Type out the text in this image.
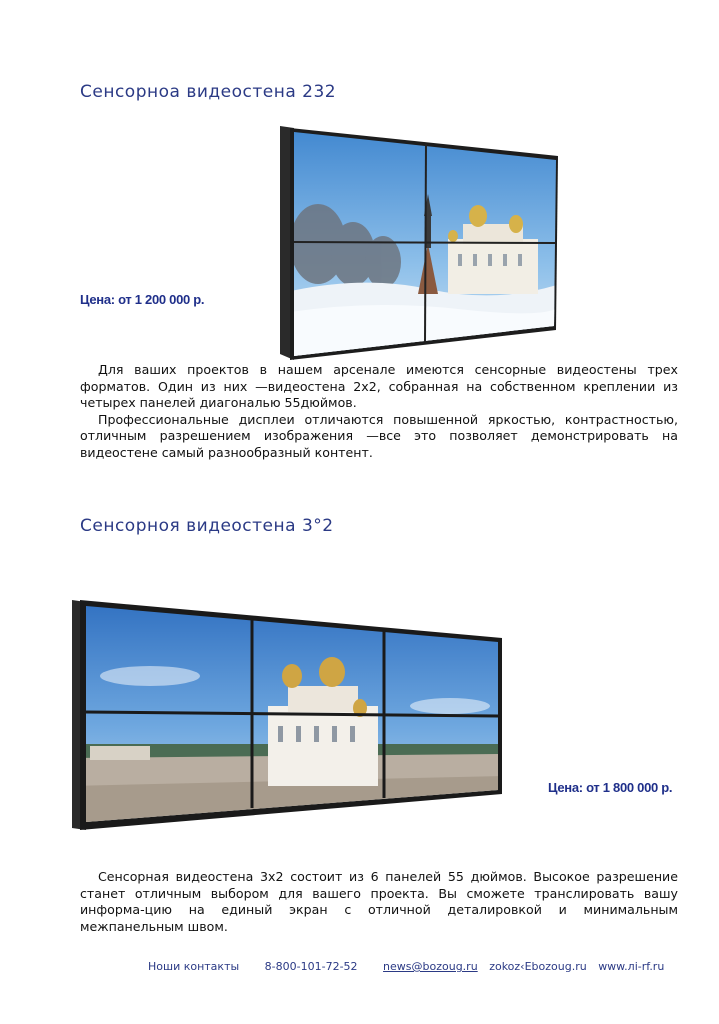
Сенсорноа видеостена 232
Цена: от 1 200 000 р.

Для ваших проектов в нашем арсенале имеются сенсорные видеостены трех форматов. Один из них —видеостена 2х2, собранная на собственном креплении из четырех панелей диагональю 55дюймов.

Профессиональные дисплеи отличаются повышенной яркостью, контрастностью, отличным разрешением изображения —все это позволяет демонстрировать на видеостене самый разнообразный контент.

Сенсорноя видеостена 3°2
Цена: от 1 800 000 р.

Сенсорная видеостена 3х2 состоит из 6 панелей 55 дюймов. Высокое разрешение станет отличным выбором для вашего проекта. Вы сможете транслировать вашу информа-цию на единый экран с отличной деталировкой и минимальным межпанельным швом.

Ноши контакты 8-800-101-72-52 news@bozoug.ru zokoz‹Ebozoug.ru www.лi-rf.ru
